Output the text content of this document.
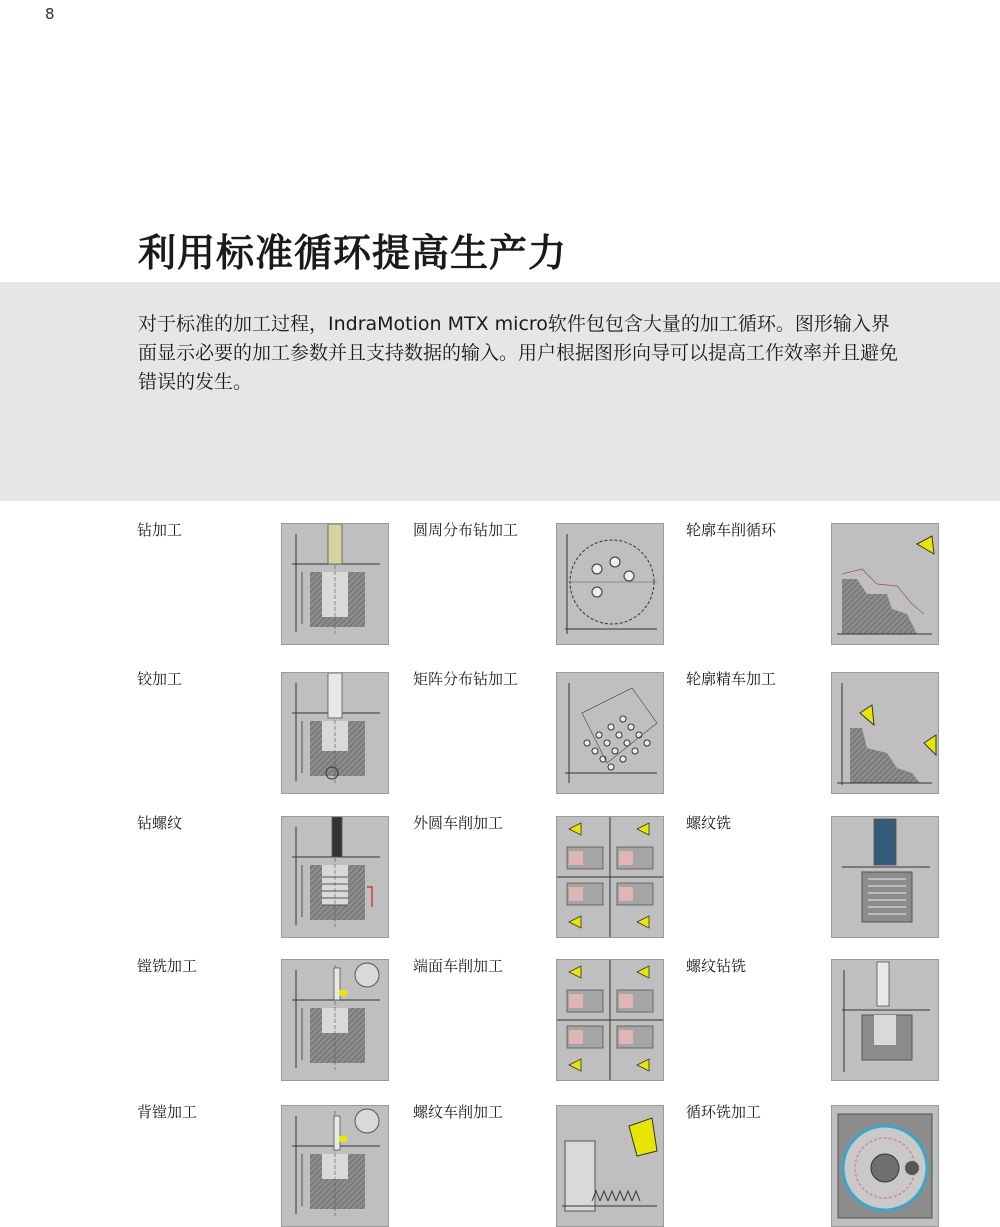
8
利用标准循环提高生产力

对于标准的加工过程，IndraMotion MTX micro软件包包含大量的加工循环。图形输入界面显示必要的加工参数并且支持数据的输入。用户根据图形向导可以提高工作效率并且避免错误的发生。

钻加工	圆周分布钻加工	轮廓车削循环
铰加工	矩阵分布钻加工	轮廓精车加工
钻螺纹	外圆车削加工	螺纹铣
镗铣加工	端面车削加工	螺纹钻铣
背镗加工	螺纹车削加工	循环铣加工
